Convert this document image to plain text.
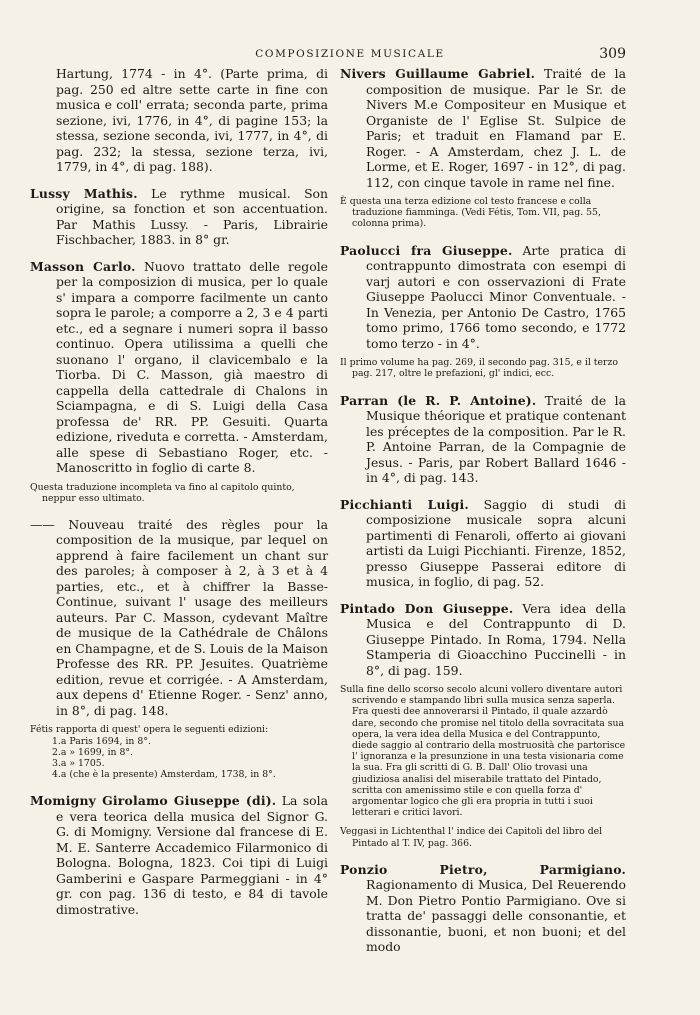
COMPOSIZIONE MUSICALE	309

Hartung, 1774 - in 4°. (Parte prima, di pag. 250 ed altre sette carte in fine con musica e coll' errata; seconda parte, prima sezione, ivi, 1776, in 4°, di pagine 153; la stessa, sezione seconda, ivi, 1777, in 4°, di pag. 232; la stessa, sezione terza, ivi, 1779, in 4°, di pag. 188).

Lussy Mathis. Le rythme musical. Son origine, sa fonction et son accentuation. Par Mathis Lussy. - Paris, Librairie Fischbacher, 1883. in 8° gr.

Masson Carlo. Nuovo trattato delle regole per la composizion di musica, per lo quale s' impara a comporre facilmente un canto sopra le parole; a comporre a 2, 3 e 4 parti etc., ed a segnare i numeri sopra il basso continuo. Opera utilissima a quelli che suonano l' organo, il clavicembalo e la Tiorba. Di C. Masson, già maestro di cappella della cattedrale di Chalons in Sciampagna, e di S. Luigi della Casa professa de' RR. PP. Gesuiti. Quarta edizione, riveduta e corretta. - Amsterdam, alle spese di Sebastiano Roger, etc. - Manoscritto in foglio di carte 8.

Questa traduzione incompleta va fino al capitolo quinto, neppur esso ultimato.

—— Nouveau traité des règles pour la composition de la musique, par lequel on apprend à faire facilement un chant sur des paroles; à composer à 2, à 3 et à 4 parties, etc., et à chiffrer la Basse-Continue, suivant l' usage des meilleurs auteurs. Par C. Masson, cydevant Maître de musique de la Cathédrale de Châlons en Champagne, et de S. Louis de la Maison Professe des RR. PP. Jesuites. Quatrième edition, revue et corrigée. - A Amsterdam, aux depens d' Etienne Roger. - Senz' anno, in 8°, di pag. 148.

Fétis rapporta di quest' opera le seguenti edizioni:

1.a Paris 1694, in 8°.

2.a » 1699, in 8°.

3.a » 1705.

4.a (che è la presente) Amsterdam, 1738, in 8°.

Momigny Girolamo Giuseppe (di). La sola e vera teorica della musica del Signor G. G. di Momigny. Versione dal francese di E. M. E. Santerre Accademico Filarmonico di Bologna. Bologna, 1823. Coi tipi di Luigi Gamberini e Gaspare Parmeggiani - in 4° gr. con pag. 136 di testo, e 84 di tavole dimostrative.

Nivers Guillaume Gabriel. Traité de la composition de musique. Par le Sr. de Nivers M.e Compositeur en Musique et Organiste de l' Eglise St. Sulpice de Paris; et traduit en Flamand par E. Roger. - A Amsterdam, chez J. L. de Lorme, et E. Roger, 1697 - in 12°, di pag. 112, con cinque tavole in rame nel fine.

È questa una terza edizione col testo francese e colla traduzione fiamminga. (Vedi Fétis, Tom. VII, pag. 55, colonna prima).

Paolucci fra Giuseppe. Arte pratica di contrappunto dimostrata con esempi di varj autori e con osservazioni di Frate Giuseppe Paolucci Minor Conventuale. - In Venezia, per Antonio De Castro, 1765 tomo primo, 1766 tomo secondo, e 1772 tomo terzo - in 4°.

Il primo volume ha pag. 269, il secondo pag. 315, e il terzo pag. 217, oltre le prefazioni, gl' indici, ecc.

Parran (le R. P. Antoine). Traité de la Musique théorique et pratique contenant les préceptes de la composition. Par le R. P. Antoine Parran, de la Compagnie de Jesus. - Paris, par Robert Ballard 1646 - in 4°, di pag. 143.

Picchianti Luigi. Saggio di studi di composizione musicale sopra alcuni partimenti di Fenaroli, offerto ai giovani artisti da Luigi Picchianti. Firenze, 1852, presso Giuseppe Passerai editore di musica, in foglio, di pag. 52.

Pintado Don Giuseppe. Vera idea della Musica e del Contrappunto di D. Giuseppe Pintado. In Roma, 1794. Nella Stamperia di Gioacchino Puccinelli - in 8°, di pag. 159.

Sulla fine dello scorso secolo alcuni vollero diventare autori scrivendo e stampando libri sulla musica senza saperla. Fra questi dee annoverarsi il Pintado, il quale azzardò dare, secondo che promise nel titolo della sovracitata sua opera, la vera idea della Musica e del Contrappunto, diede saggio al contrario della mostruosità che partorisce l' ignoranza e la presunzione in una testa visionaria come la sua. Fra gli scritti di G. B. Dall' Olio trovasi una giudiziosa analisi del miserabile trattato del Pintado, scritta con amenissimo stile e con quella forza d' argomentar logico che gli era propria in tutti i suoi letterari e critici lavori.

Veggasi in Lichtenthal l' indice dei Capitoli del libro del Pintado al T. IV, pag. 366.

Ponzio Pietro, Parmigiano. Ragionamento di Musica, Del Reuerendo M. Don Pietro Pontio Parmigiano. Ove si tratta de' passaggi delle consonantie, et dissonantie, buoni, et non buoni; et del modo
